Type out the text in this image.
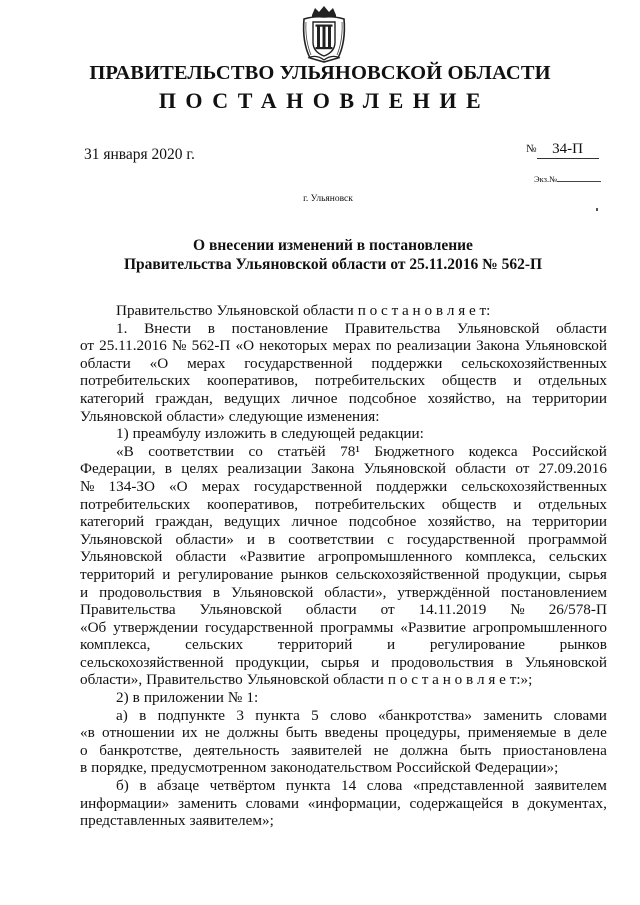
ПРАВИТЕЛЬСТВО УЛЬЯНОВСКОЙ ОБЛАСТИ
ПОСТАНОВЛЕНИЕ
31 января 2020 г.	№ 34-П
Экз.№
г. Ульяновск
О внесении изменений в постановление
Правительства Ульяновской области от 25.11.2016 № 562-П
Правительство Ульяновской области п о с т а н о в л я е т:
1. Внести в постановление Правительства Ульяновской области
от 25.11.2016 № 562-П «О некоторых мерах по реализации Закона Ульяновской
области «О мерах государственной поддержки сельскохозяйственных
потребительских кооперативов, потребительских обществ и отдельных
категорий граждан, ведущих личное подсобное хозяйство, на территории
Ульяновской области» следующие изменения:
1) преамбулу изложить в следующей редакции:
«В соответствии со статьёй 78¹ Бюджетного кодекса Российской
Федерации, в целях реализации Закона Ульяновской области от 27.09.2016
№ 134-ЗО «О мерах государственной поддержки сельскохозяйственных
потребительских кооперативов, потребительских обществ и отдельных
категорий граждан, ведущих личное подсобное хозяйство, на территории
Ульяновской области» и в соответствии с государственной программой
Ульяновской области «Развитие агропромышленного комплекса, сельских
территорий и регулирование рынков сельскохозяйственной продукции, сырья
и продовольствия в Ульяновской области», утверждённой постановлением
Правительства Ульяновской области от 14.11.2019 № 26/578-П
«Об утверждении государственной программы «Развитие агропромышленного
комплекса, сельских территорий и регулирование рынков
сельскохозяйственной продукции, сырья и продовольствия в Ульяновской
области», Правительство Ульяновской области п о с т а н о в л я е т:»;
2) в приложении № 1:
а) в подпункте 3 пункта 5 слово «банкротства» заменить словами
«в отношении их не должны быть введены процедуры, применяемые в деле
о банкротстве, деятельность заявителей не должна быть приостановлена
в порядке, предусмотренном законодательством Российской Федерации»;
б) в абзаце четвёртом пункта 14 слова «представленной заявителем
информации» заменить словами «информации, содержащейся в документах,
представленных заявителем»;
